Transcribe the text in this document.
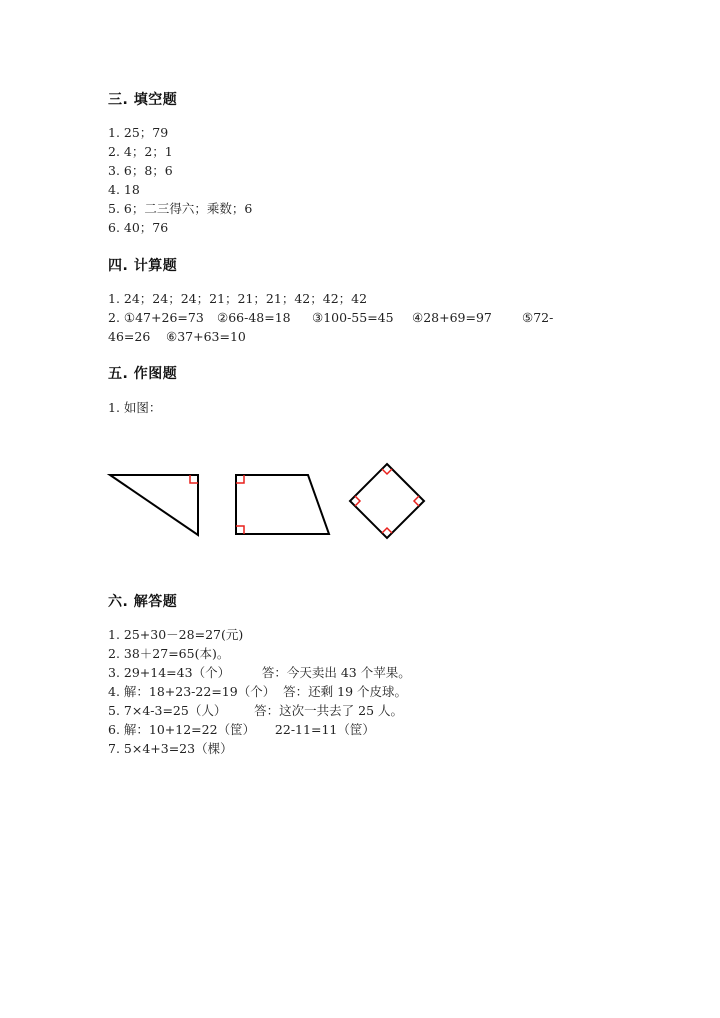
三. 填空题
1. 25；79
2. 4；2；1
3. 6；8；6
4. 18
5. 6；二三得六；乘数；6
6. 40；76
四. 计算题
1. 24；24；24；21；21；21；42；42；42
2. ①47+26=73 ②66-48=18 ③100-55=45 ④28+69=97 ⑤72-
46=26 ⑥37+63=10
五. 作图题
1. 如图：
六. 解答题
1. 25+30－28=27(元)
2. 38＋27=65(本)。
3. 29+14=43（个）        答：今天卖出 43 个苹果。
4. 解：18+23-22=19（个）  答：还剩 19 个皮球。
5. 7×4-3=25（人）       答：这次一共去了 25 人。
6. 解：10+12=22（筐）     22-11=11（筐）
7. 5×4+3=23（棵）
